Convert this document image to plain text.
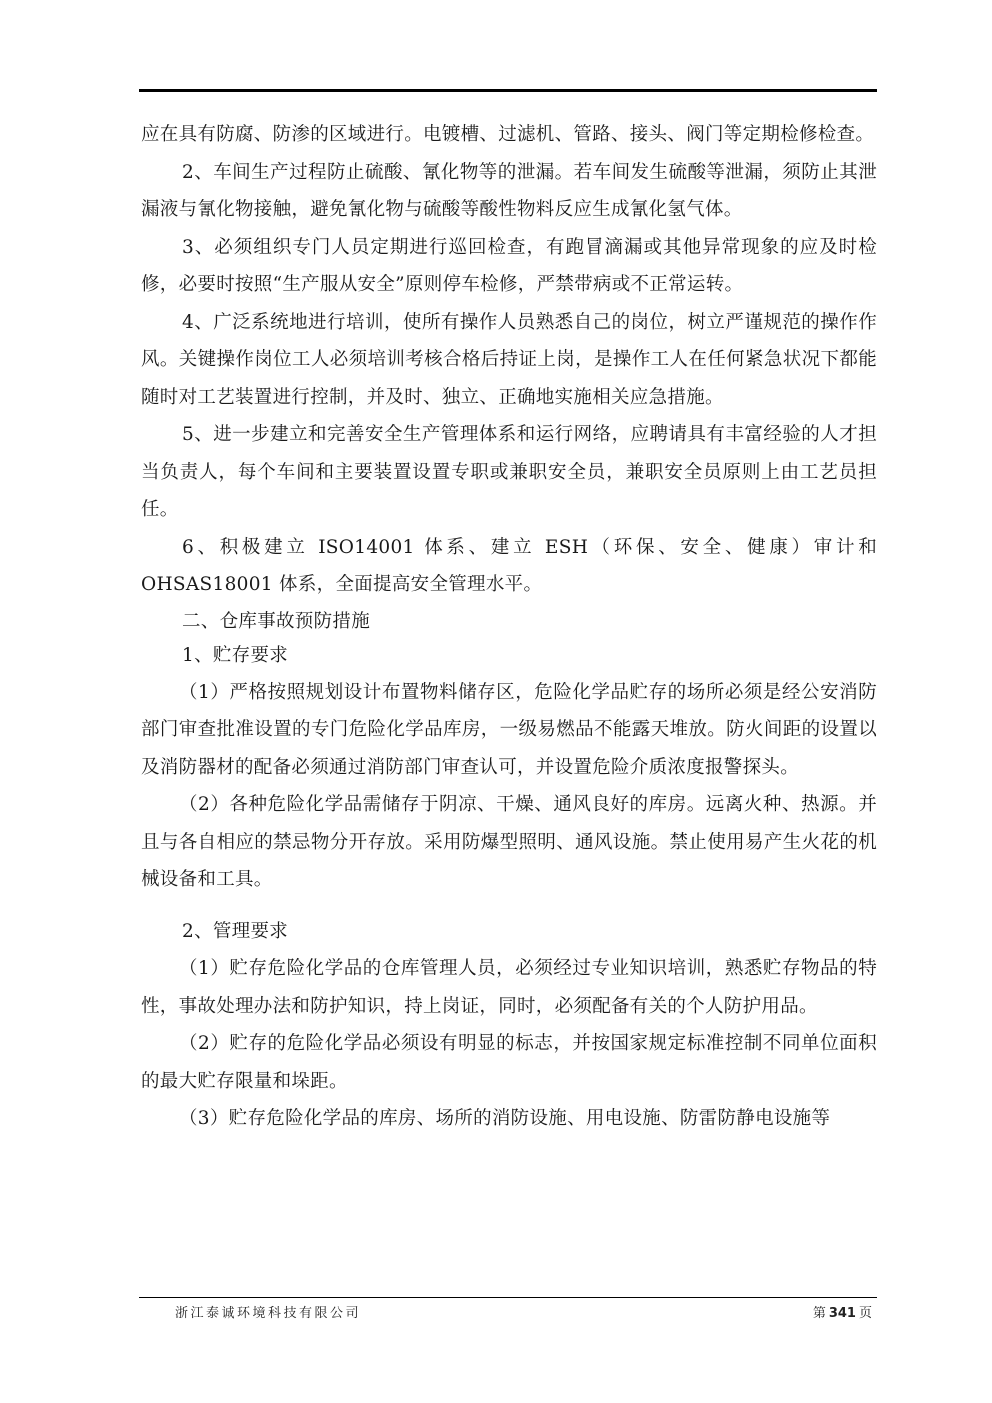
应在具有防腐、防渗的区域进行。电镀槽、过滤机、管路、接头、阀门等定期检修检查。

2、车间生产过程防止硫酸、氰化物等的泄漏。若车间发生硫酸等泄漏，须防止其泄漏液与氰化物接触，避免氰化物与硫酸等酸性物料反应生成氰化氢气体。

3、必须组织专门人员定期进行巡回检查，有跑冒滴漏或其他异常现象的应及时检修，必要时按照“生产服从安全”原则停车检修，严禁带病或不正常运转。

4、广泛系统地进行培训，使所有操作人员熟悉自己的岗位，树立严谨规范的操作作风。关键操作岗位工人必须培训考核合格后持证上岗，是操作工人在任何紧急状况下都能随时对工艺装置进行控制，并及时、独立、正确地实施相关应急措施。

5、进一步建立和完善安全生产管理体系和运行网络，应聘请具有丰富经验的人才担当负责人，每个车间和主要装置设置专职或兼职安全员，兼职安全员原则上由工艺员担任。

6、积极建立 ISO14001 体系、建立 ESH（环保、安全、健康）审计和 OHSAS18001 体系，全面提高安全管理水平。

二、仓库事故预防措施

1、贮存要求

（1）严格按照规划设计布置物料储存区，危险化学品贮存的场所必须是经公安消防部门审查批准设置的专门危险化学品库房，一级易燃品不能露天堆放。防火间距的设置以及消防器材的配备必须通过消防部门审查认可，并设置危险介质浓度报警探头。

（2）各种危险化学品需储存于阴凉、干燥、通风良好的库房。远离火种、热源。并且与各自相应的禁忌物分开存放。采用防爆型照明、通风设施。禁止使用易产生火花的机械设备和工具。

2、管理要求

（1）贮存危险化学品的仓库管理人员，必须经过专业知识培训，熟悉贮存物品的特性，事故处理办法和防护知识，持上岗证，同时，必须配备有关的个人防护用品。

（2）贮存的危险化学品必须设有明显的标志，并按国家规定标准控制不同单位面积的最大贮存限量和垛距。

（3）贮存危险化学品的库房、场所的消防设施、用电设施、防雷防静电设施等

浙江泰诚环境科技有限公司	第 341 页
